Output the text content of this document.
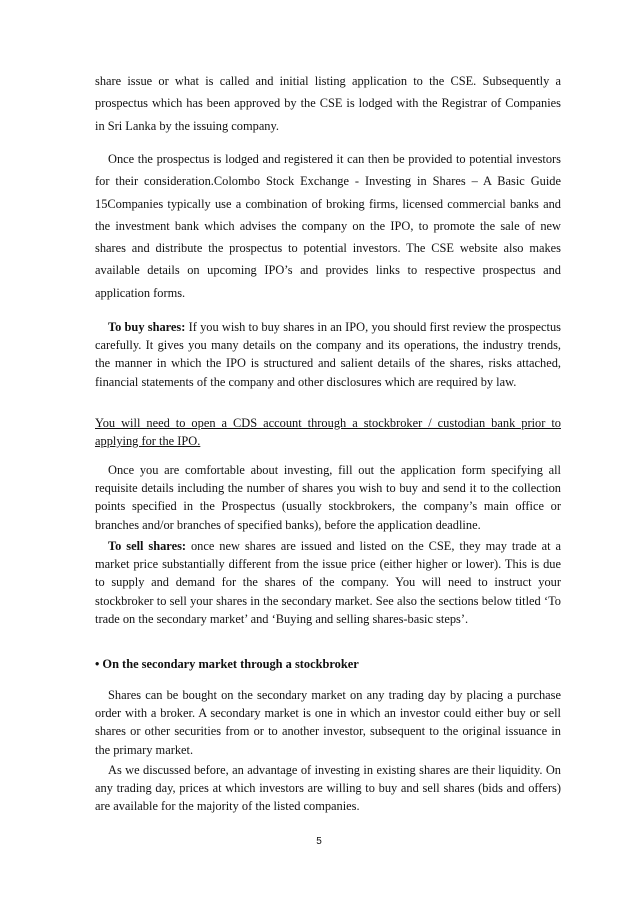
share issue or what is called and initial listing application to the CSE. Subsequently a prospectus which has been approved by the CSE is lodged with the Registrar of Companies in Sri Lanka by the issuing company.

Once the prospectus is lodged and registered it can then be provided to potential investors for their consideration.Colombo Stock Exchange - Investing in Shares – A Basic Guide 15Companies typically use a combination of broking firms, licensed commercial banks and the investment bank which advises the company on the IPO, to promote the sale of new shares and distribute the prospectus to potential investors. The CSE website also makes available details on upcoming IPO’s and provides links to respective prospectus and application forms.

To buy shares: If you wish to buy shares in an IPO, you should first review the prospectus carefully. It gives you many details on the company and its operations, the industry trends, the manner in which the IPO is structured and salient details of the shares, risks attached, financial statements of the company and other disclosures which are required by law.

You will need to open a CDS account through a stockbroker / custodian bank prior to applying for the IPO.

Once you are comfortable about investing, fill out the application form specifying all requisite details including the number of shares you wish to buy and send it to the collection points specified in the Prospectus (usually stockbrokers, the company’s main office or branches and/or branches of specified banks), before the application deadline.

To sell shares: once new shares are issued and listed on the CSE, they may trade at a market price substantially different from the issue price (either higher or lower). This is due to supply and demand for the shares of the company. You will need to instruct your stockbroker to sell your shares in the secondary market. See also the sections below titled ‘To trade on the secondary market’ and ‘Buying and selling shares-basic steps’.

• On the secondary market through a stockbroker

Shares can be bought on the secondary market on any trading day by placing a purchase order with a broker. A secondary market is one in which an investor could either buy or sell shares or other securities from or to another investor, subsequent to the original issuance in the primary market.

As we discussed before, an advantage of investing in existing shares are their liquidity. On any trading day, prices at which investors are willing to buy and sell shares (bids and offers) are available for the majority of the listed companies.

5
